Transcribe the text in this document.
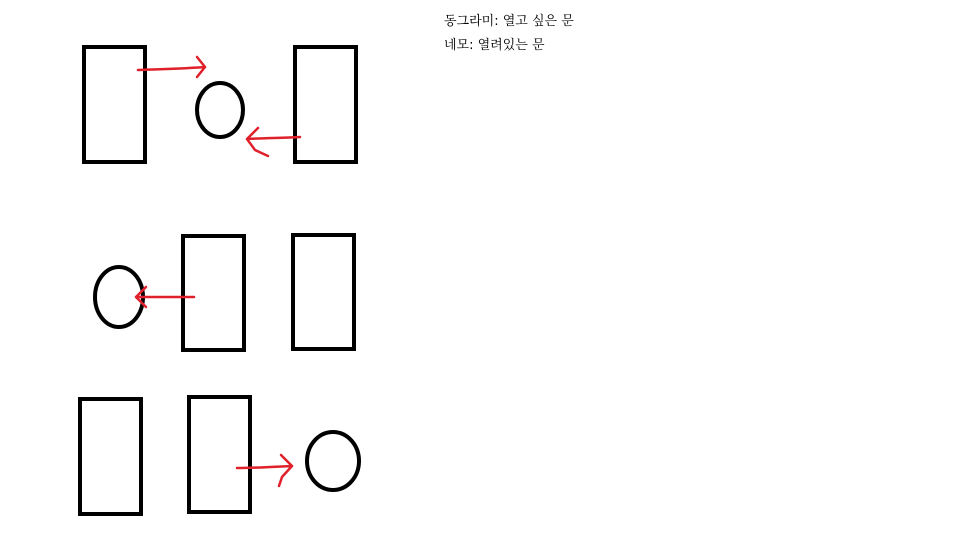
동그라미: 열고 싶은 문
네모: 열려있는 문
